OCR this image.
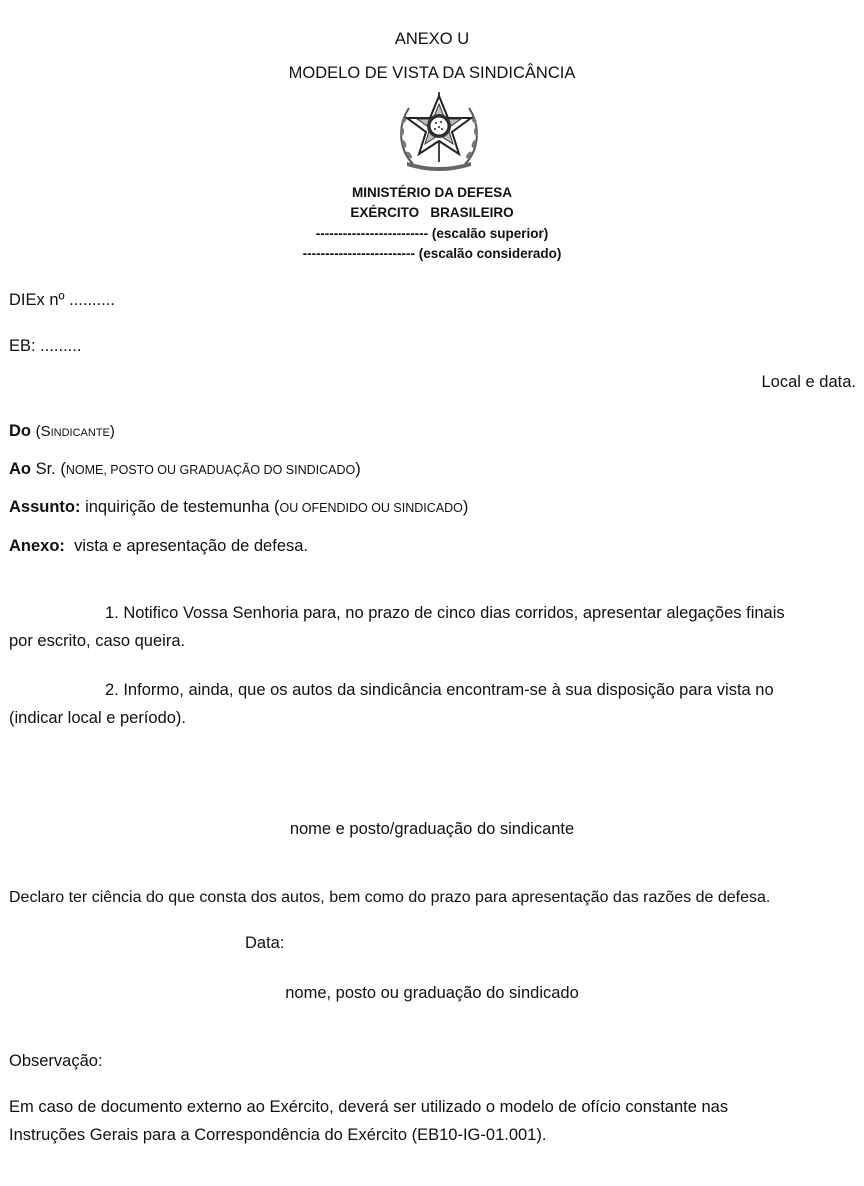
ANEXO U
MODELO DE VISTA DA SINDICÂNCIA
MINISTÉRIO DA DEFESA
EXÉRCITO   BRASILEIRO
------------------------- (escalão superior)
------------------------- (escalão considerado)
DIEx nº ..........
EB: .........
Local e data.
Do (Sindicante)
Ao Sr. (NOME, POSTO OU GRADUAÇÃO DO SINDICADO)
Assunto: inquirição de testemunha (OU OFENDIDO OU SINDICADO)
Anexo: vista e apresentação de defesa.
1. Notifico Vossa Senhoria para, no prazo de cinco dias corridos, apresentar alegações finais
por escrito, caso queira.
2. Informo, ainda, que os autos da sindicância encontram-se à sua disposição para vista no
(indicar local e período).
nome e posto/graduação do sindicante
Declaro ter ciência do que consta dos autos, bem como do prazo para apresentação das razões de defesa.
Data:
nome, posto ou graduação do sindicado
Observação:
Em caso de documento externo ao Exército, deverá ser utilizado o modelo de ofício constante nas
Instruções Gerais para a Correspondência do Exército (EB10-IG-01.001).
